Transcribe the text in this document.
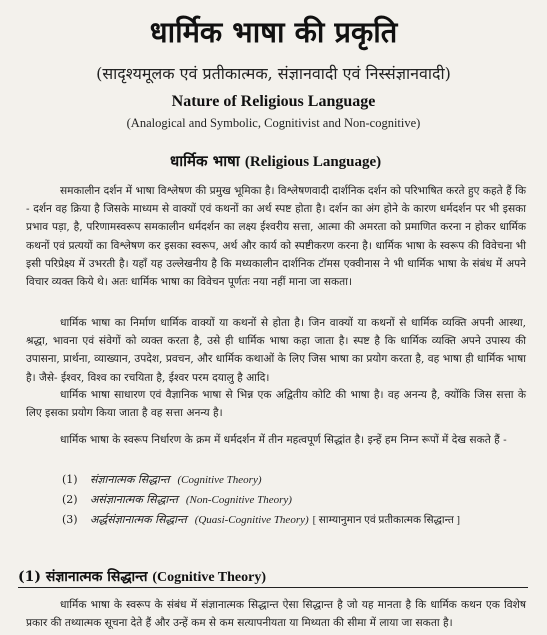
धार्मिक भाषा की प्रकृति
(सादृश्यमूलक एवं प्रतीकात्मक, संज्ञानवादी एवं निस्संज्ञानवादी)
Nature of Religious Language
(Analogical and Symbolic, Cognitivist and Non-cognitive)
धार्मिक भाषा (Religious Language)
समकालीन दर्शन में भाषा विश्लेषण की प्रमुख भूमिका है। विश्लेषणवादी दार्शनिक दर्शन को परिभाषित करते हुए कहते हैं कि - दर्शन वह क्रिया है जिसके माध्यम से वाक्यों एवं कथनों का अर्थ स्पष्ट होता है। दर्शन का अंग होने के कारण धर्मदर्शन पर भी इसका प्रभाव पड़ा, है, परिणामस्वरूप समकालीन धर्मदर्शन का लक्ष्य ईश्वरीय सत्ता, आत्मा की अमरता को प्रमाणित करना न होकर धार्मिक कथनों एवं प्रत्ययों का विश्लेषण कर इसका स्वरूप, अर्थ और कार्य को स्पष्टीकरण करना है। धार्मिक भाषा के स्वरूप की विवेचना भी इसी परिप्रेक्ष्य में उभरती है। यहाँ यह उल्लेखनीय है कि मध्यकालीन दार्शनिक टॉमस एक्वीनास ने भी धार्मिक भाषा के संबंध में अपने विचार व्यक्त किये थे। अतः धार्मिक भाषा का विवेचन पूर्णतः नया नहीं माना जा सकता।
धार्मिक भाषा का निर्माण धार्मिक वाक्यों या कथनों से होता है। जिन वाक्यों या कथनों से धार्मिक व्यक्ति अपनी आस्था, श्रद्धा, भावना एवं संवेगों को व्यक्त करता है, उसे ही धार्मिक भाषा कहा जाता है। स्पष्ट है कि धार्मिक व्यक्ति अपने उपास्य की उपासना, प्रार्थना, व्याख्यान, उपदेश, प्रवचन, और धार्मिक कथाओं के लिए जिस भाषा का प्रयोग करता है, वह भाषा ही धार्मिक भाषा है। जैसे- ईश्वर, विश्व का रचयिता है, ईश्वर परम दयालु है आदि।
धार्मिक भाषा साधारण एवं वैज्ञानिक भाषा से भिन्न एक अद्वितीय कोटि की भाषा है। वह अनन्य है, क्योंकि जिस सत्ता के लिए इसका प्रयोग किया जाता है वह सत्ता अनन्य है।
धार्मिक भाषा के स्वरूप निर्धारण के क्रम में धर्मदर्शन में तीन महत्वपूर्ण सिद्धांत है। इन्हें हम निम्न रूपों में देख सकते हैं -
(1) संज्ञानात्मक सिद्धान्त (Cognitive Theory)
(2) असंज्ञानात्मक सिद्धान्त (Non-Cognitive Theory)
(3) अर्द्धसंज्ञानात्मक सिद्धान्त (Quasi-Cognitive Theory) [ साम्यानुमान एवं प्रतीकात्मक सिद्धान्त ]
(1) संज्ञानात्मक सिद्धान्त (Cognitive Theory)
धार्मिक भाषा के स्वरूप के संबंध में संज्ञानात्मक सिद्धान्त ऐसा सिद्धान्त है जो यह मानता है कि धार्मिक कथन एक विशेष प्रकार की तथ्यात्मक सूचना देते हैं और उन्हें कम से कम सत्यापनीयता या मिथ्यता की सीमा में लाया जा सकता है।
